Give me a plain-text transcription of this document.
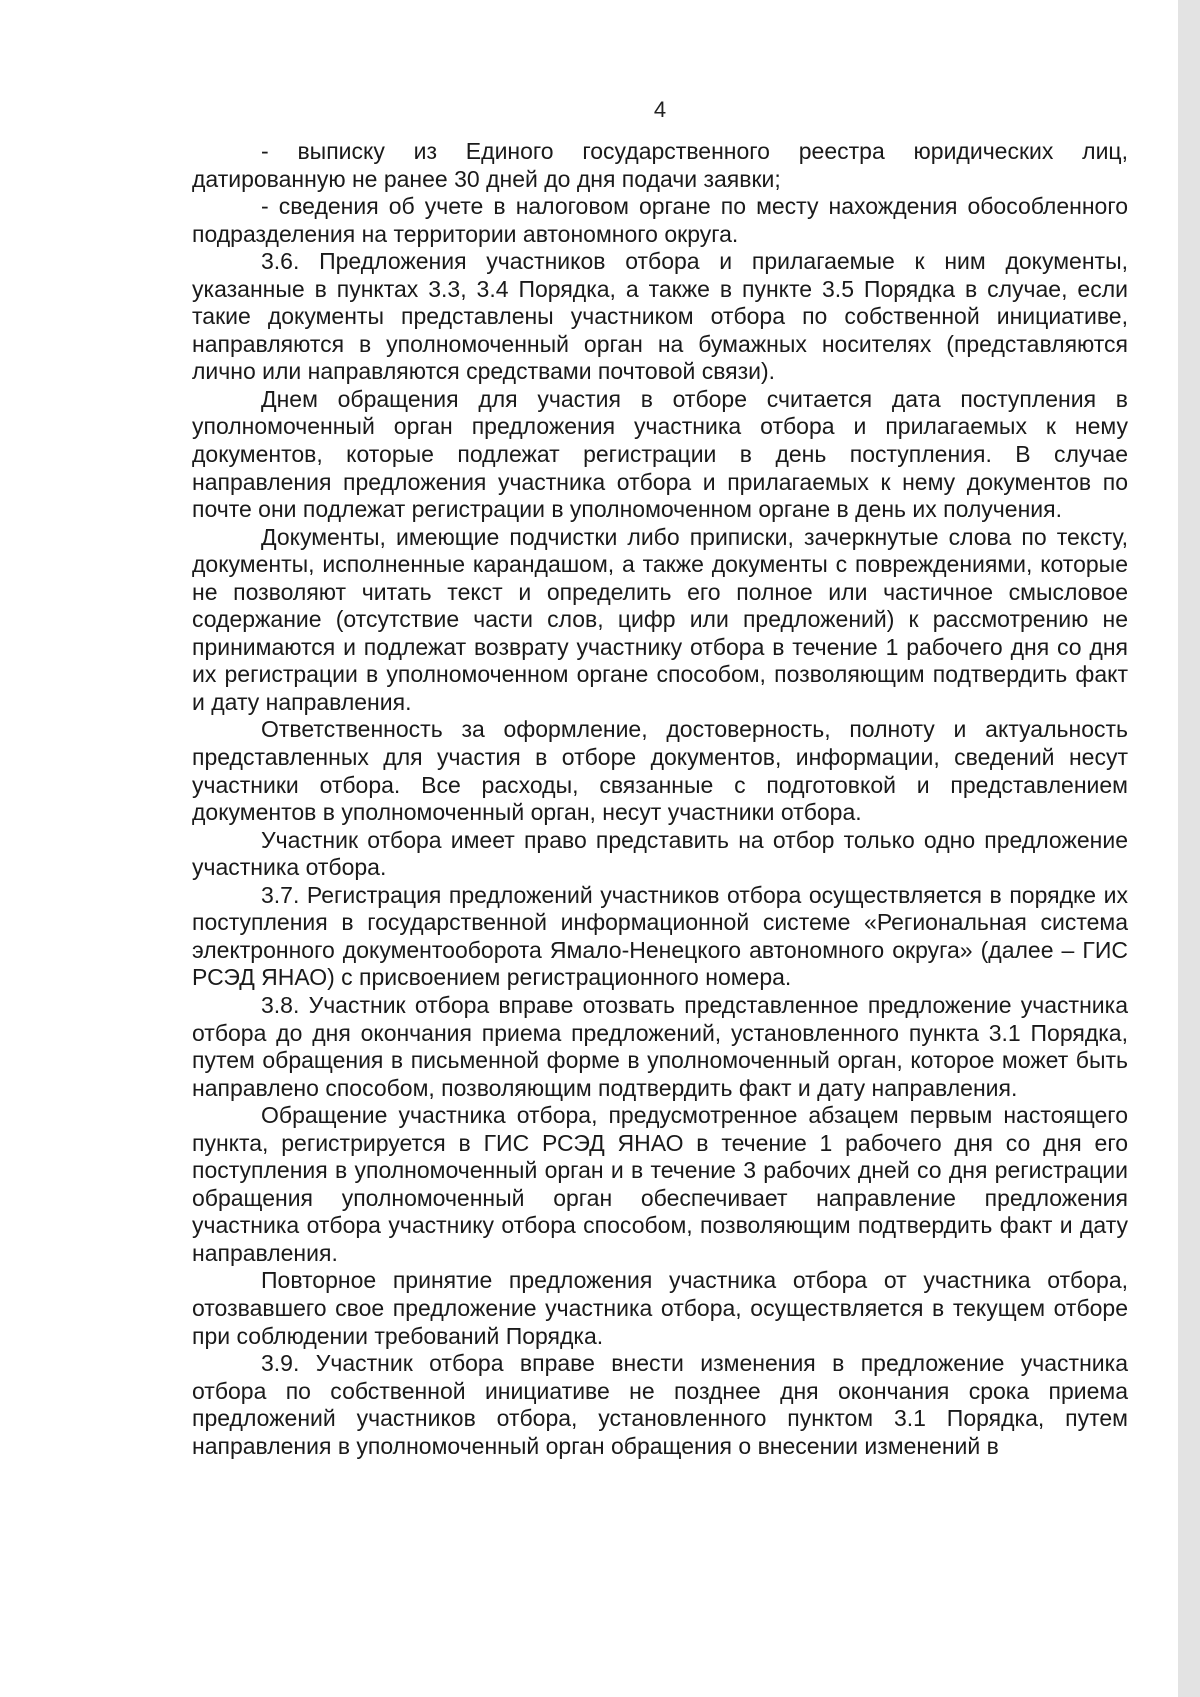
4

- выписку из Единого государственного реестра юридических лиц, датированную не ранее 30 дней до дня подачи заявки;

- сведения об учете в налоговом органе по месту нахождения обособленного подразделения на территории автономного округа.

3.6. Предложения участников отбора и прилагаемые к ним документы, указанные в пунктах 3.3, 3.4 Порядка, а также в пункте 3.5 Порядка в случае, если такие документы представлены участником отбора по собственной инициативе, направляются в уполномоченный орган на бумажных носителях (представляются лично или направляются средствами почтовой связи).

Днем обращения для участия в отборе считается дата поступления в уполномоченный орган предложения участника отбора и прилагаемых к нему документов, которые подлежат регистрации в день поступления. В случае направления предложения участника отбора и прилагаемых к нему документов по почте они подлежат регистрации в уполномоченном органе в день их получения.

Документы, имеющие подчистки либо приписки, зачеркнутые слова по тексту, документы, исполненные карандашом, а также документы с повреждениями, которые не позволяют читать текст и определить его полное или частичное смысловое содержание (отсутствие части слов, цифр или предложений) к рассмотрению не принимаются и подлежат возврату участнику отбора в течение 1 рабочего дня со дня их регистрации в уполномоченном органе способом, позволяющим подтвердить факт и дату направления.

Ответственность за оформление, достоверность, полноту и актуальность представленных для участия в отборе документов, информации, сведений несут участники отбора. Все расходы, связанные с подготовкой и представлением документов в уполномоченный орган, несут участники отбора.

Участник отбора имеет право представить на отбор только одно предложение участника отбора.

3.7. Регистрация предложений участников отбора осуществляется в порядке их поступления в государственной информационной системе «Региональная система электронного документооборота Ямало-Ненецкого автономного округа» (далее – ГИС РСЭД ЯНАО) с присвоением регистрационного номера.

3.8. Участник отбора вправе отозвать представленное предложение участника отбора до дня окончания приема предложений, установленного пункта 3.1 Порядка, путем обращения в письменной форме в уполномоченный орган, которое может быть направлено способом, позволяющим подтвердить факт и дату направления.

Обращение участника отбора, предусмотренное абзацем первым настоящего пункта, регистрируется в ГИС РСЭД ЯНАО в течение 1 рабочего дня со дня его поступления в уполномоченный орган и в течение 3 рабочих дней со дня регистрации обращения уполномоченный орган обеспечивает направление предложения участника отбора участнику отбора способом, позволяющим подтвердить факт и дату направления.

Повторное принятие предложения участника отбора от участника отбора, отозвавшего свое предложение участника отбора, осуществляется в текущем отборе при соблюдении требований Порядка.

3.9. Участник отбора вправе внести изменения в предложение участника отбора по собственной инициативе не позднее дня окончания срока приема предложений участников отбора, установленного пунктом 3.1 Порядка, путем направления в уполномоченный орган обращения о внесении изменений в
